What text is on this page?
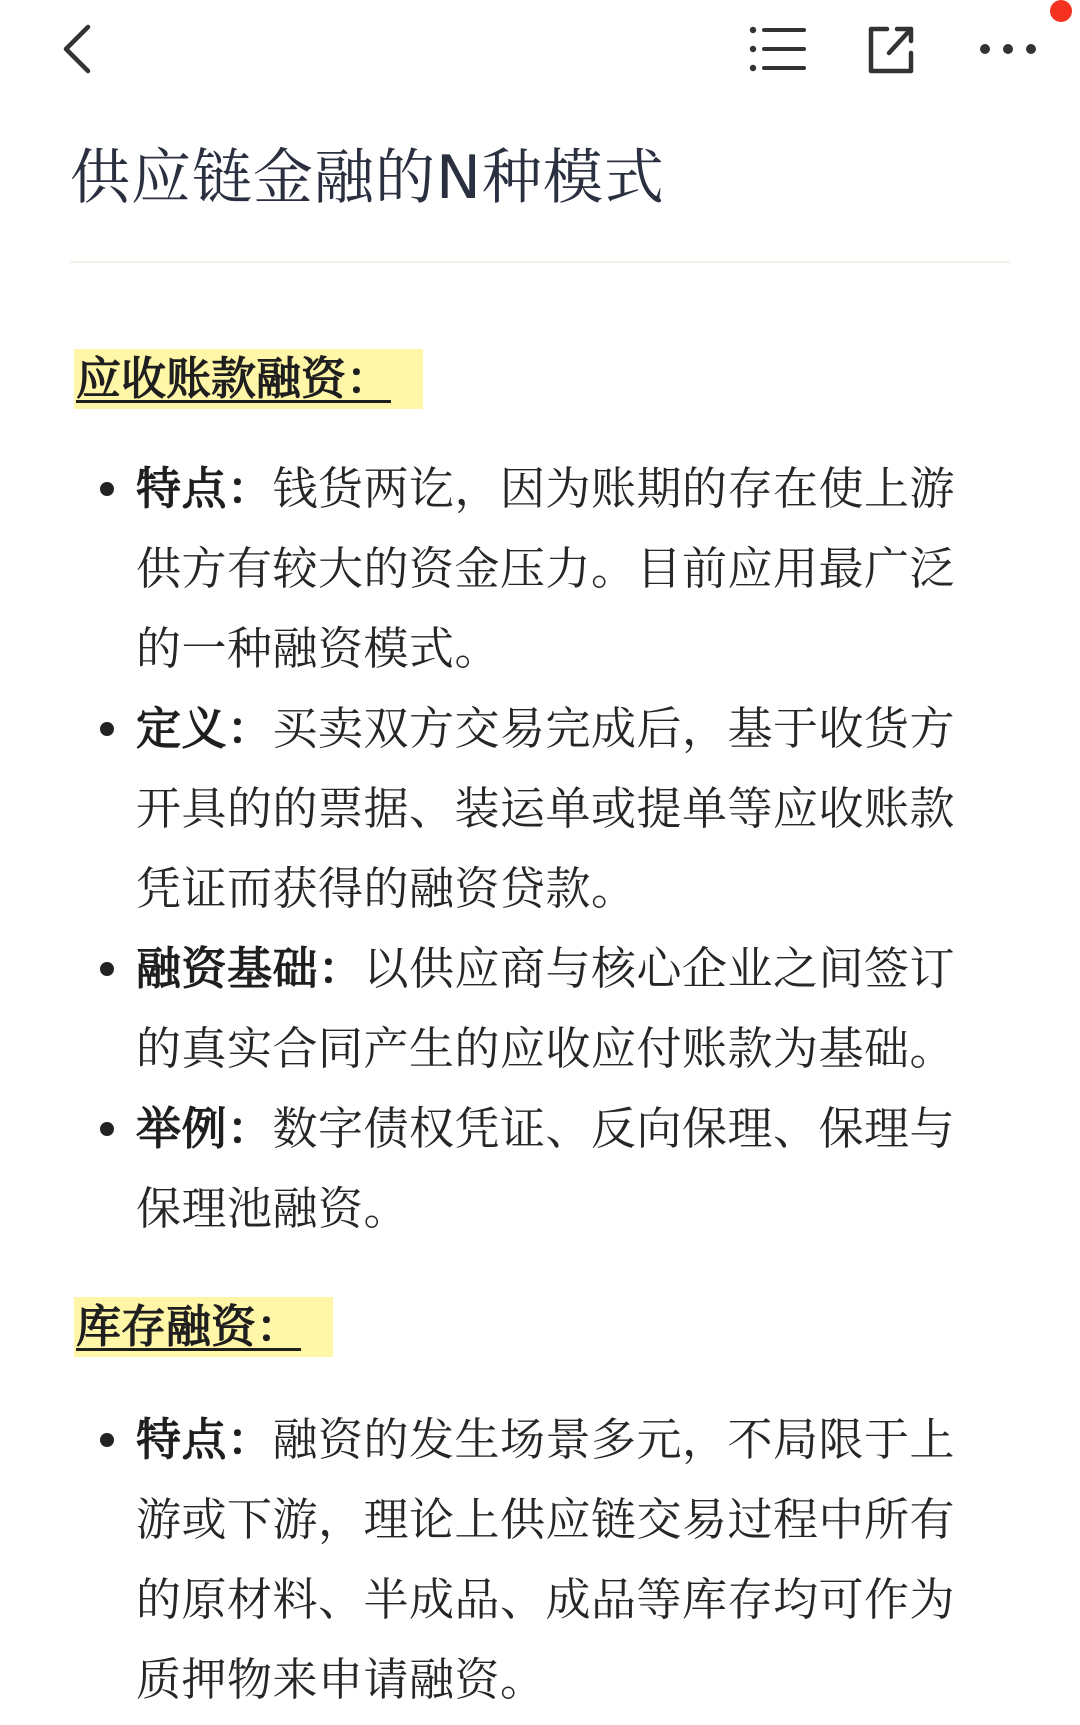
供应链金融的N种模式
应收账款融资：
特点：钱货两讫，因为账期的存在使上游供方有较大的资金压力。目前应用最广泛的一种融资模式。
定义：买卖双方交易完成后，基于收货方开具的的票据、装运单或提单等应收账款凭证而获得的融资贷款。
融资基础：以供应商与核心企业之间签订的真实合同产生的应收应付账款为基础。
举例：数字债权凭证、反向保理、保理与保理池融资。
库存融资：
特点：融资的发生场景多元，不局限于上游或下游，理论上供应链交易过程中所有的原材料、半成品、成品等库存均可作为质押物来申请融资。
